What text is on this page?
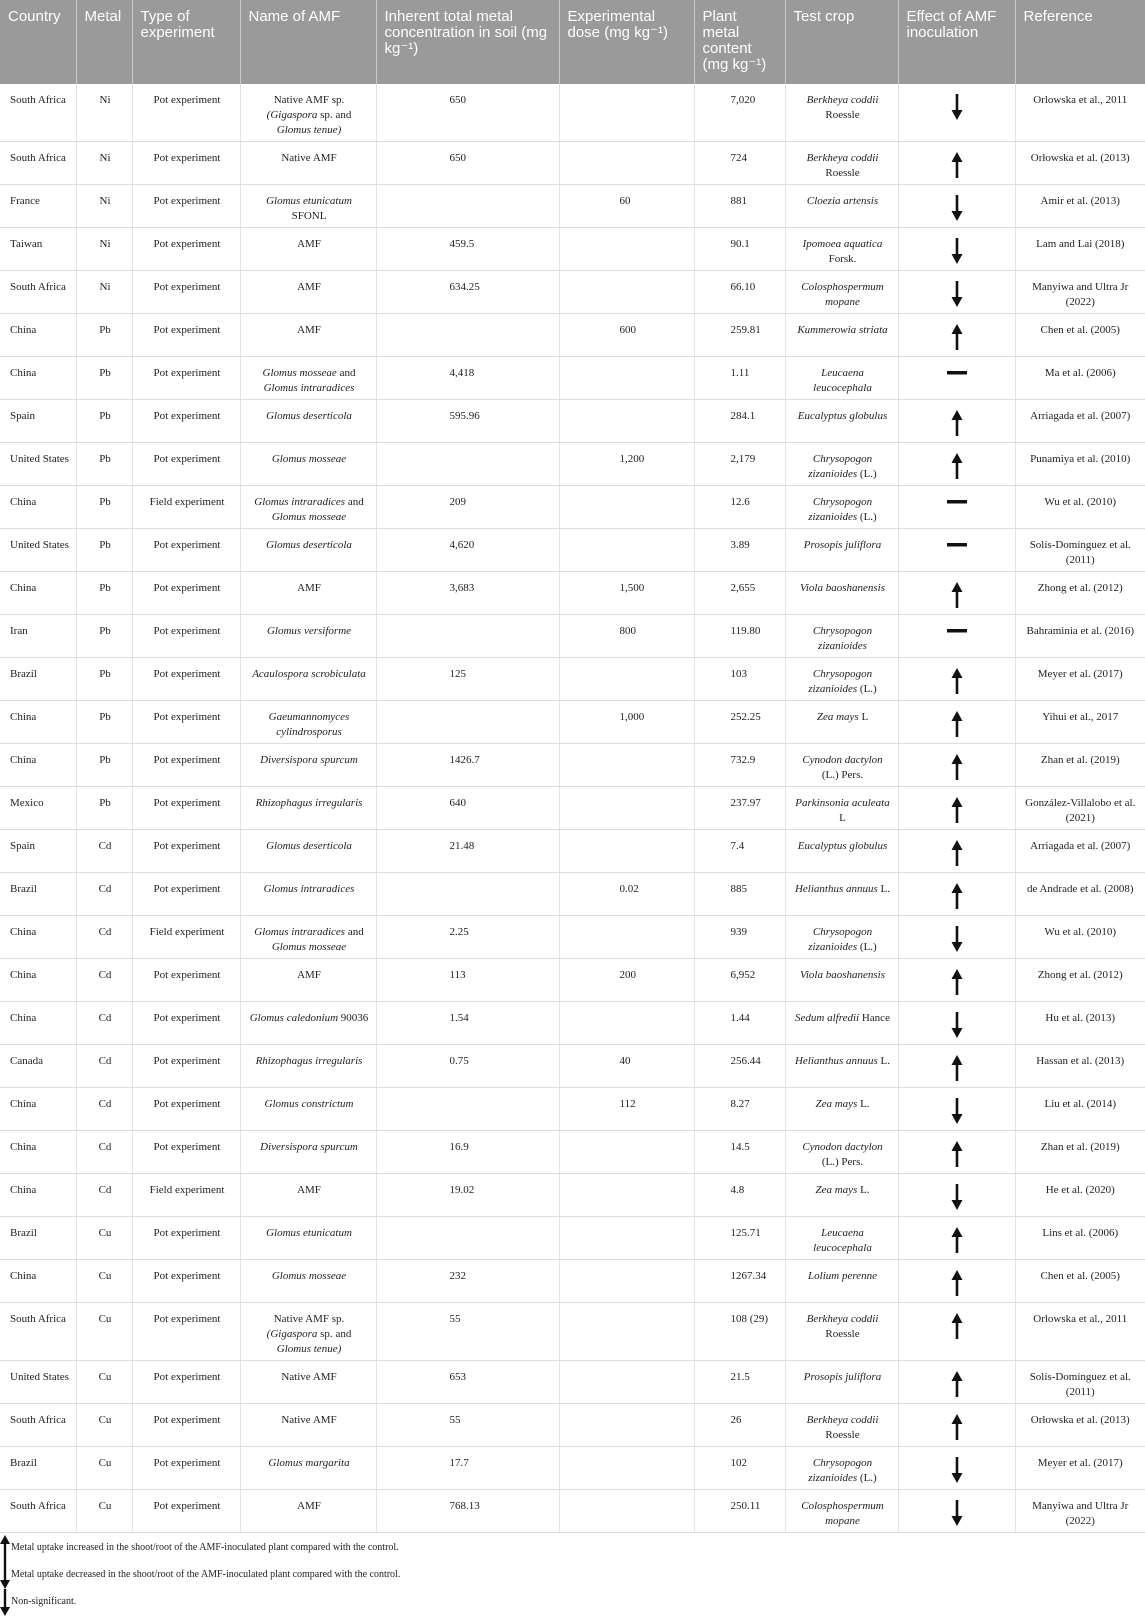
Country	Metal	Type of experiment	Name of AMF	Inherent total metal concentration in soil (mg kg⁻¹)	Experimental dose (mg kg⁻¹)	Plant metal content (mg kg⁻¹)	Test crop	Effect of AMF inoculation	Reference
South Africa	Ni	Pot experiment	Native AMF sp. (Gigaspora sp. and Glomus tenue)	650		7,020	Berkheya coddii Roessle		Orlowska et al., 2011
South Africa	Ni	Pot experiment	Native AMF	650		724	Berkheya coddii Roessle		Orłowska et al. (2013)
France	Ni	Pot experiment	Glomus etunicatum SFONL		60	881	Cloezia artensis		Amir et al. (2013)
Taiwan	Ni	Pot experiment	AMF	459.5		90.1	Ipomoea aquatica Forsk.		Lam and Lai (2018)
South Africa	Ni	Pot experiment	AMF	634.25		66.10	Colosphospermum mopane		Manyiwa and Ultra Jr (2022)
China	Pb	Pot experiment	AMF		600	259.81	Kummerowia striata		Chen et al. (2005)
China	Pb	Pot experiment	Glomus mosseae and Glomus intraradices	4,418		1.11	Leucaena leucocephala		Ma et al. (2006)
Spain	Pb	Pot experiment	Glomus deserticola	595.96		284.1	Eucalyptus globulus		Arriagada et al. (2007)
United States	Pb	Pot experiment	Glomus mosseae		1,200	2,179	Chrysopogon zizanioides (L.)		Punamiya et al. (2010)
China	Pb	Field experiment	Glomus intraradices and Glomus mosseae	209		12.6	Chrysopogon zizanioides (L.)		Wu et al. (2010)
United States	Pb	Pot experiment	Glomus deserticola	4,620		3.89	Prosopis juliflora		Solís-Domínguez et al. (2011)
China	Pb	Pot experiment	AMF	3,683	1,500	2,655	Viola baoshanensis		Zhong et al. (2012)
Iran	Pb	Pot experiment	Glomus versiforme		800	119.80	Chrysopogon zizanioides		Bahraminia et al. (2016)
Brazil	Pb	Pot experiment	Acaulospora scrobiculata	125		103	Chrysopogon zizanioides (L.)		Meyer et al. (2017)
China	Pb	Pot experiment	Gaeumannomyces cylindrosporus		1,000	252.25	Zea mays L		Yihui et al., 2017
China	Pb	Pot experiment	Diversispora spurcum	1426.7		732.9	Cynodon dactylon (L.) Pers.		Zhan et al. (2019)
Mexico	Pb	Pot experiment	Rhizophagus irregularis	640		237.97	Parkinsonia aculeata L		González-Villalobo et al. (2021)
Spain	Cd	Pot experiment	Glomus deserticola	21.48		7.4	Eucalyptus globulus		Arriagada et al. (2007)
Brazil	Cd	Pot experiment	Glomus intraradices		0.02	885	Helianthus annuus L.		de Andrade et al. (2008)
China	Cd	Field experiment	Glomus intraradices and Glomus mosseae	2.25		939	Chrysopogon zizanioides (L.)		Wu et al. (2010)
China	Cd	Pot experiment	AMF	113	200	6,952	Viola baoshanensis		Zhong et al. (2012)
China	Cd	Pot experiment	Glomus caledonium 90036	1.54		1.44	Sedum alfredii Hance		Hu et al. (2013)
Canada	Cd	Pot experiment	Rhizophagus irregularis	0.75	40	256.44	Helianthus annuus L.		Hassan et al. (2013)
China	Cd	Pot experiment	Glomus constrictum		112	8.27	Zea mays L.		Liu et al. (2014)
China	Cd	Pot experiment	Diversispora spurcum	16.9		14.5	Cynodon dactylon (L.) Pers.		Zhan et al. (2019)
China	Cd	Field experiment	AMF	19.02		4.8	Zea mays L.		He et al. (2020)
Brazil	Cu	Pot experiment	Glomus etunicatum			125.71	Leucaena leucocephala		Lins et al. (2006)
China	Cu	Pot experiment	Glomus mosseae	232		1267.34	Lolium perenne		Chen et al. (2005)
South Africa	Cu	Pot experiment	Native AMF sp. (Gigaspora sp. and Glomus tenue)	55		108 (29)	Berkheya coddii Roessle		Orlowska et al., 2011
United States	Cu	Pot experiment	Native AMF	653		21.5	Prosopis juliflora		Solís-Domínguez et al. (2011)
South Africa	Cu	Pot experiment	Native AMF	55		26	Berkheya coddii Roessle		Orłowska et al. (2013)
Brazil	Cu	Pot experiment	Glomus margarita	17.7		102	Chrysopogon zizanioides (L.)		Meyer et al. (2017)
South Africa	Cu	Pot experiment	AMF	768.13		250.11	Colosphospermum mopane		Manyiwa and Ultra Jr (2022)
Metal uptake increased in the shoot/root of the AMF-inoculated plant compared with the control.
Metal uptake decreased in the shoot/root of the AMF-inoculated plant compared with the control.
Non-significant.
